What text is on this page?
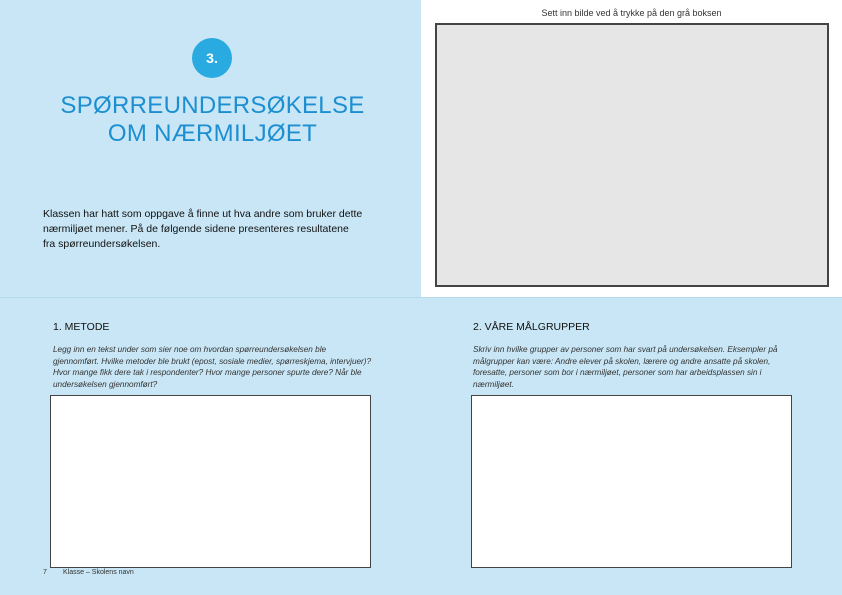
Sett inn bilde ved å trykke på den grå boksen
3.
SPØRREUNDERSØKELSE
OM NÆRMILJØET
Klassen har hatt som oppgave å finne ut hva andre som bruker dette nærmiljøet mener. På de følgende sidene presenteres resultatene fra spørreundersøkelsen.
1. METODE
Legg inn en tekst under som sier noe om hvordan spørreundersøkelsen ble gjennomført. Hvilke metoder ble brukt (epost, sosiale medier, spørreskjema, intervjuer)? Hvor mange fikk dere tak i respondenter? Hvor mange personer spurte dere? Når ble undersøkelsen gjennomført?
2. VÅRE MÅLGRUPPER
Skriv inn hvilke grupper av personer som har svart på undersøkelsen. Eksempler på målgrupper kan være: Andre elever på skolen, lærere og andre ansatte på skolen, foresatte, personer som bor i nærmiljøet, personer som har arbeidsplassen sin i nærmiljøet.
7 Klasse – Skolens navn
